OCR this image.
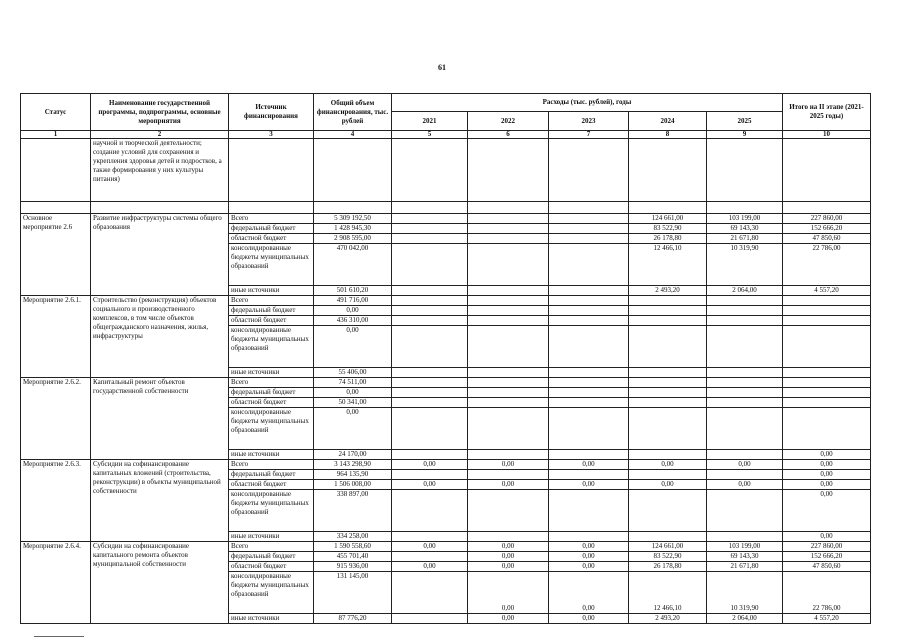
61
Статус	Наименование государственной программы, подпрограммы, основные мероприятия	Источник финансирования	Общий объем финансирования, тыс. рублей	Расходы (тыс. рублей), годы					Итого на II этапе (2021-2025 годы)
				2021	2022	2023	2024	2025	
1	2	3	4	5	6	7	8	9	10
	научной и творческой деятельности; создание условий для сохранения и укрепления здоровья детей и подростков, а также формирования у них культуры питания)								

Основное мероприятие 2.6	Развитие инфраструктуры системы общего образования	Всего	5 309 192,50				124 661,00	103 199,00	227 860,00
		федеральный бюджет	1 428 945,30				83 522,90	69 143,30	152 666,20
		областной бюджет	2 908 595,00				26 178,80	21 671,80	47 850,60
		консолидированные бюджеты муниципальных образований	470 042,00				12 466,10	10 319,90	22 786,00
		иные источники	501 610,20				2 493,20	2 064,00	4 557,20
Мероприятие 2.6.1.	Строительство (реконструкция) объектов социального и производственного комплексов, в том числе объектов общегражданского назначения, жилья, инфраструктуры	Всего	491 716,00						
		федеральный бюджет	0,00						
		областной бюджет	436 310,00						
		консолидированные бюджеты муниципальных образований	0,00						
		иные источники	55 406,00						
Мероприятие 2.6.2.	Капитальный ремонт объектов государственной собственности	Всего	74 511,00						
		федеральный бюджет	0,00						
		областной бюджет	50 341,00						
		консолидированные бюджеты муниципальных образований	0,00						
		иные источники	24 170,00						0,00
Мероприятие 2.6.3.	Субсидии на софинансирование капитальных вложений (строительства, реконструкции) в объекты муниципальной собственности	Всего	3 143 298,90	0,00	0,00	0,00	0,00	0,00	0,00
		федеральный бюджет	964 135,90						0,00
		областной бюджет	1 506 008,00	0,00	0,00	0,00	0,00	0,00	0,00
		консолидированные бюджеты муниципальных образований	338 897,00						0,00
		иные источники	334 258,00						0,00
Мероприятие 2.6.4.	Субсидии на софинансирование капитального ремонта объектов муниципальной собственности	Всего	1 590 558,60	0,00	0,00	0,00	124 661,00	103 199,00	227 860,00
		федеральный бюджет	455 701,40		0,00	0,00	83 522,90	69 143,30	152 666,20
		областной бюджет	915 936,00	0,00	0,00	0,00	26 178,80	21 671,80	47 850,60
		консолидированные бюджеты муниципальных образований	131 145,00		0,00	0,00	12 466,10	10 319,90	22 786,00
		иные источники	87 776,20		0,00	0,00	2 493,20	2 064,00	4 557,20
